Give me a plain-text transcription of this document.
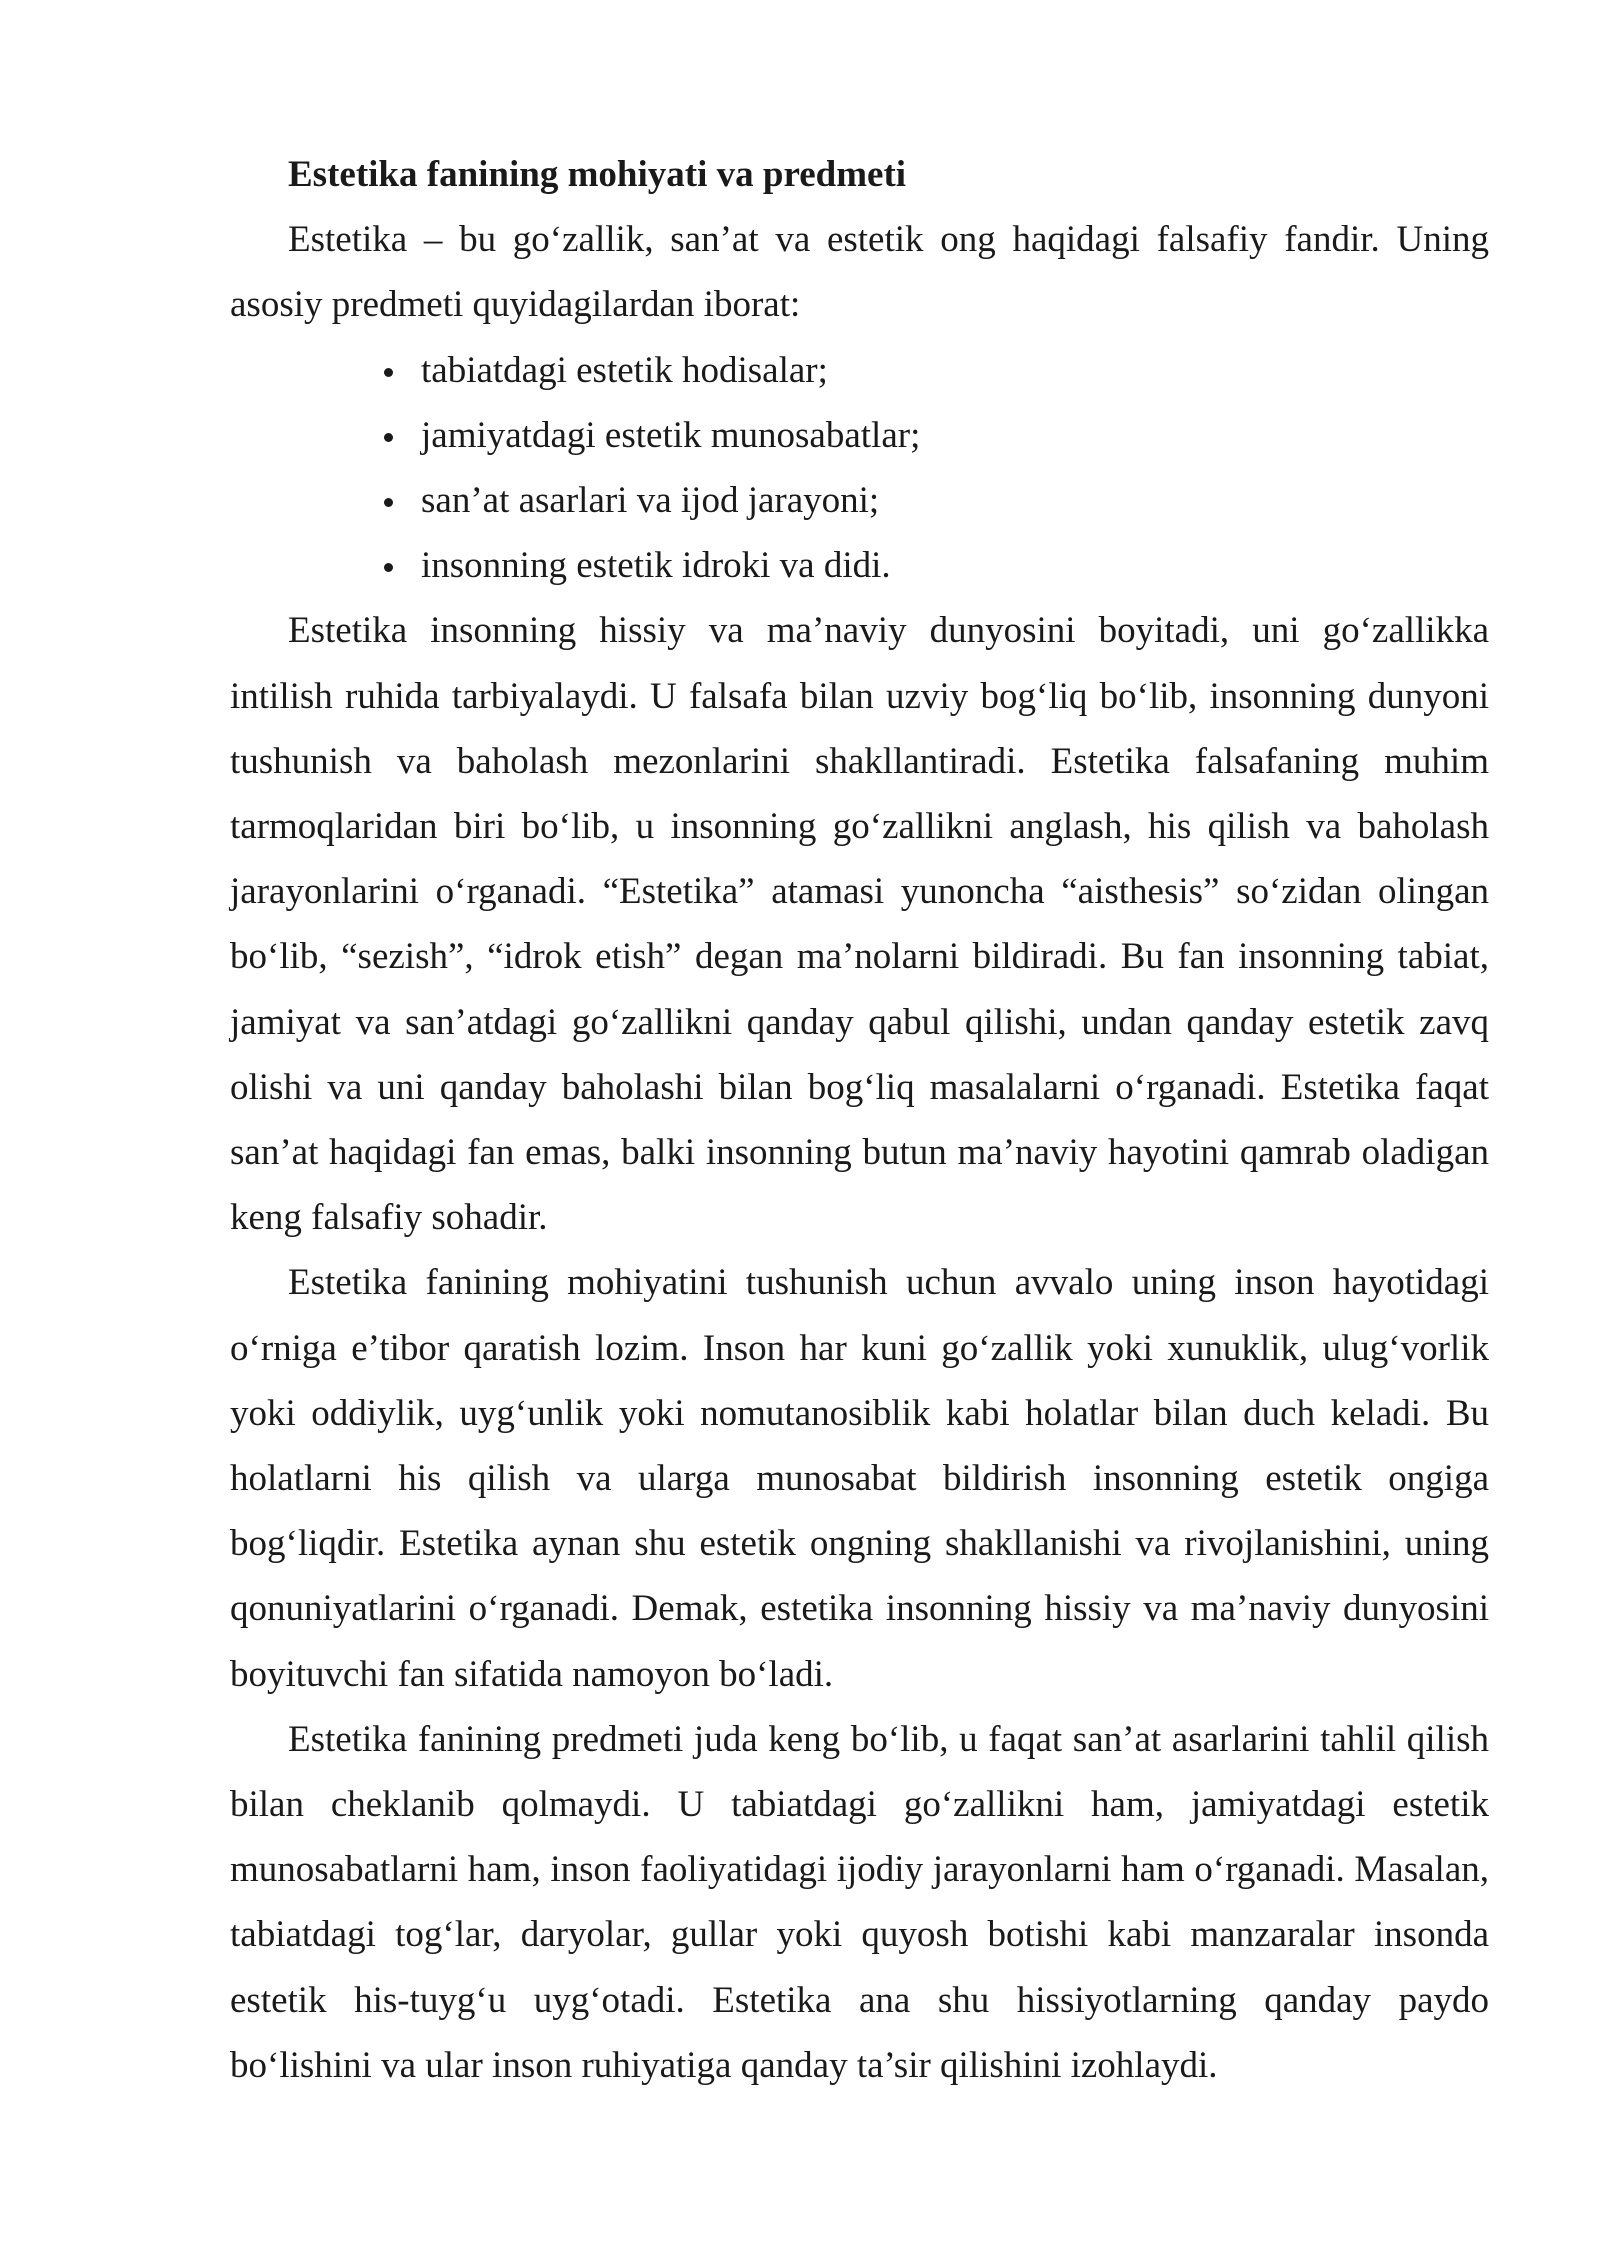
Estetika fanining mohiyati va predmeti

Estetika – bu go‘zallik, san’at va estetik ong haqidagi falsafiy fandir. Uning asosiy predmeti quyidagilardan iborat:

tabiatdagi estetik hodisalar;
jamiyatdagi estetik munosabatlar;
san’at asarlari va ijod jarayoni;
insonning estetik idroki va didi.

Estetika insonning hissiy va ma’naviy dunyosini boyitadi, uni go‘zallikka intilish ruhida tarbiyalaydi. U falsafa bilan uzviy bog‘liq bo‘lib, insonning dunyoni tushunish va baholash mezonlarini shakllantiradi. Estetika falsafaning muhim tarmoqlaridan biri bo‘lib, u insonning go‘zallikni anglash, his qilish va baholash jarayonlarini o‘rganadi. “Estetika” atamasi yunoncha “aisthesis” so‘zidan olingan bo‘lib, “sezish”, “idrok etish” degan ma’nolarni bildiradi. Bu fan insonning tabiat, jamiyat va san’atdagi go‘zallikni qanday qabul qilishi, undan qanday estetik zavq olishi va uni qanday baholashi bilan bog‘liq masalalarni o‘rganadi. Estetika faqat san’at haqidagi fan emas, balki insonning butun ma’naviy hayotini qamrab oladigan keng falsafiy sohadir.

Estetika fanining mohiyatini tushunish uchun avvalo uning inson hayotidagi o‘rniga e’tibor qaratish lozim. Inson har kuni go‘zallik yoki xunuklik, ulug‘vorlik yoki oddiylik, uyg‘unlik yoki nomutanosiblik kabi holatlar bilan duch keladi. Bu holatlarni his qilish va ularga munosabat bildirish insonning estetik ongiga bog‘liqdir. Estetika aynan shu estetik ongning shakllanishi va rivojlanishini, uning qonuniyatlarini o‘rganadi. Demak, estetika insonning hissiy va ma’naviy dunyosini boyituvchi fan sifatida namoyon bo‘ladi.

Estetika fanining predmeti juda keng bo‘lib, u faqat san’at asarlarini tahlil qilish bilan cheklanib qolmaydi. U tabiatdagi go‘zallikni ham, jamiyatdagi estetik munosabatlarni ham, inson faoliyatidagi ijodiy jarayonlarni ham o‘rganadi. Masalan, tabiatdagi tog‘lar, daryolar, gullar yoki quyosh botishi kabi manzaralar insonda estetik his-tuyg‘u uyg‘otadi. Estetika ana shu hissiyotlarning qanday paydo bo‘lishini va ular inson ruhiyatiga qanday ta’sir qilishini izohlaydi.
